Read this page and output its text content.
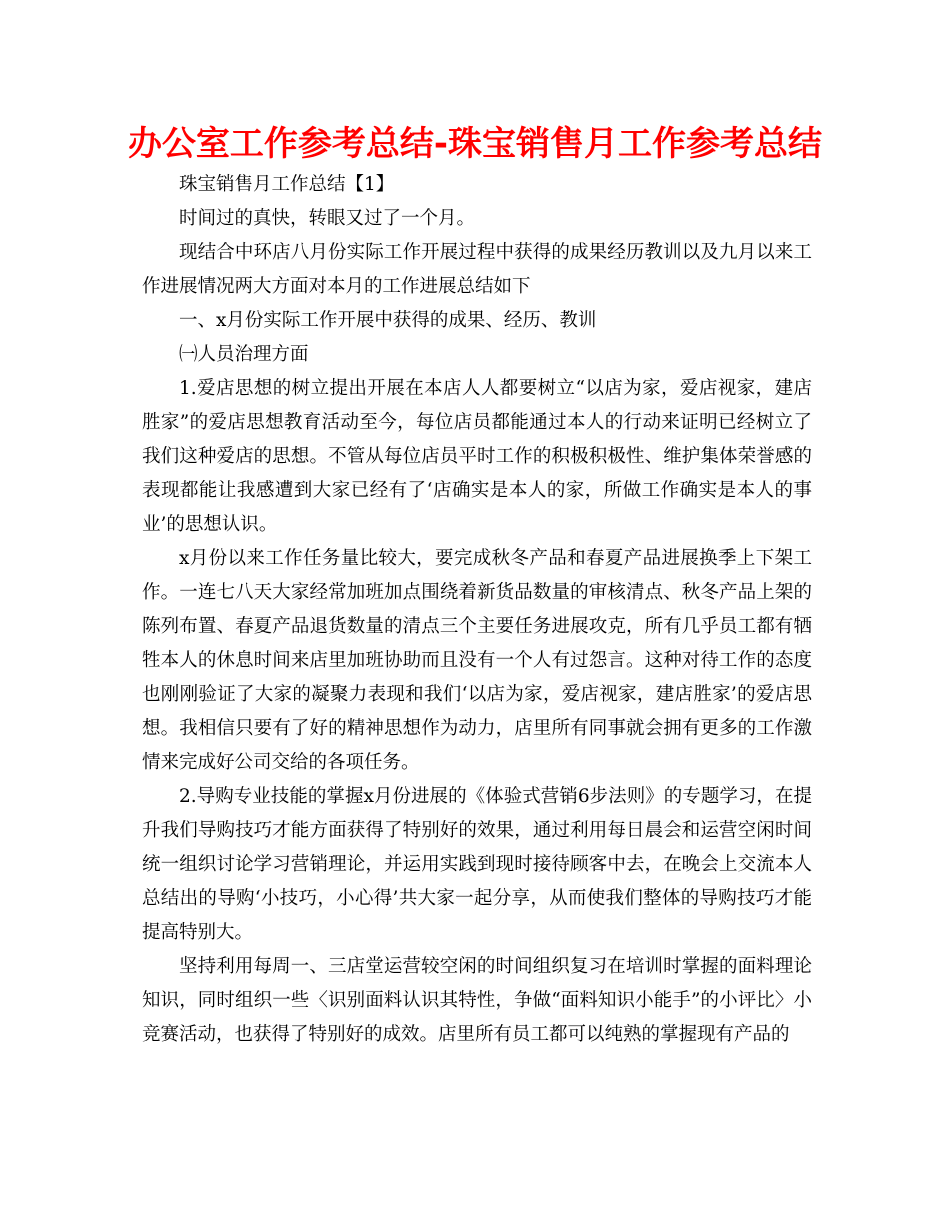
办公室工作参考总结-珠宝销售月工作参考总结

珠宝销售月工作总结【1】

时间过的真快，转眼又过了一个月。

现结合中环店八月份实际工作开展过程中获得的成果经历教训以及九月以来工作进展情况两大方面对本月的工作进展总结如下

一、x月份实际工作开展中获得的成果、经历、教训

㈠人员治理方面

1.爱店思想的树立提出开展在本店人人都要树立“以店为家，爱店视家，建店胜家”的爱店思想教育活动至今，每位店员都能通过本人的行动来证明已经树立了我们这种爱店的思想。不管从每位店员平时工作的积极积极性、维护集体荣誉感的表现都能让我感遭到大家已经有了‘店确实是本人的家，所做工作确实是本人的事业’的思想认识。

x月份以来工作任务量比较大，要完成秋冬产品和春夏产品进展换季上下架工作。一连七八天大家经常加班加点围绕着新货品数量的审核清点、秋冬产品上架的陈列布置、春夏产品退货数量的清点三个主要任务进展攻克，所有几乎员工都有牺牲本人的休息时间来店里加班协助而且没有一个人有过怨言。这种对待工作的态度也刚刚验证了大家的凝聚力表现和我们‘以店为家，爱店视家，建店胜家’的爱店思想。我相信只要有了好的精神思想作为动力，店里所有同事就会拥有更多的工作激情来完成好公司交给的各项任务。

2.导购专业技能的掌握x月份进展的《体验式营销6步法则》的专题学习，在提升我们导购技巧才能方面获得了特别好的效果，通过利用每日晨会和运营空闲时间统一组织讨论学习营销理论，并运用实践到现时接待顾客中去，在晚会上交流本人总结出的导购‘小技巧，小心得’共大家一起分享，从而使我们整体的导购技巧才能提高特别大。

坚持利用每周一、三店堂运营较空闲的时间组织复习在培训时掌握的面料理论知识，同时组织一些〈识别面料认识其特性，争做“面料知识小能手”的小评比〉小竞赛活动，也获得了特别好的成效。店里所有员工都可以纯熟的掌握现有产品的
